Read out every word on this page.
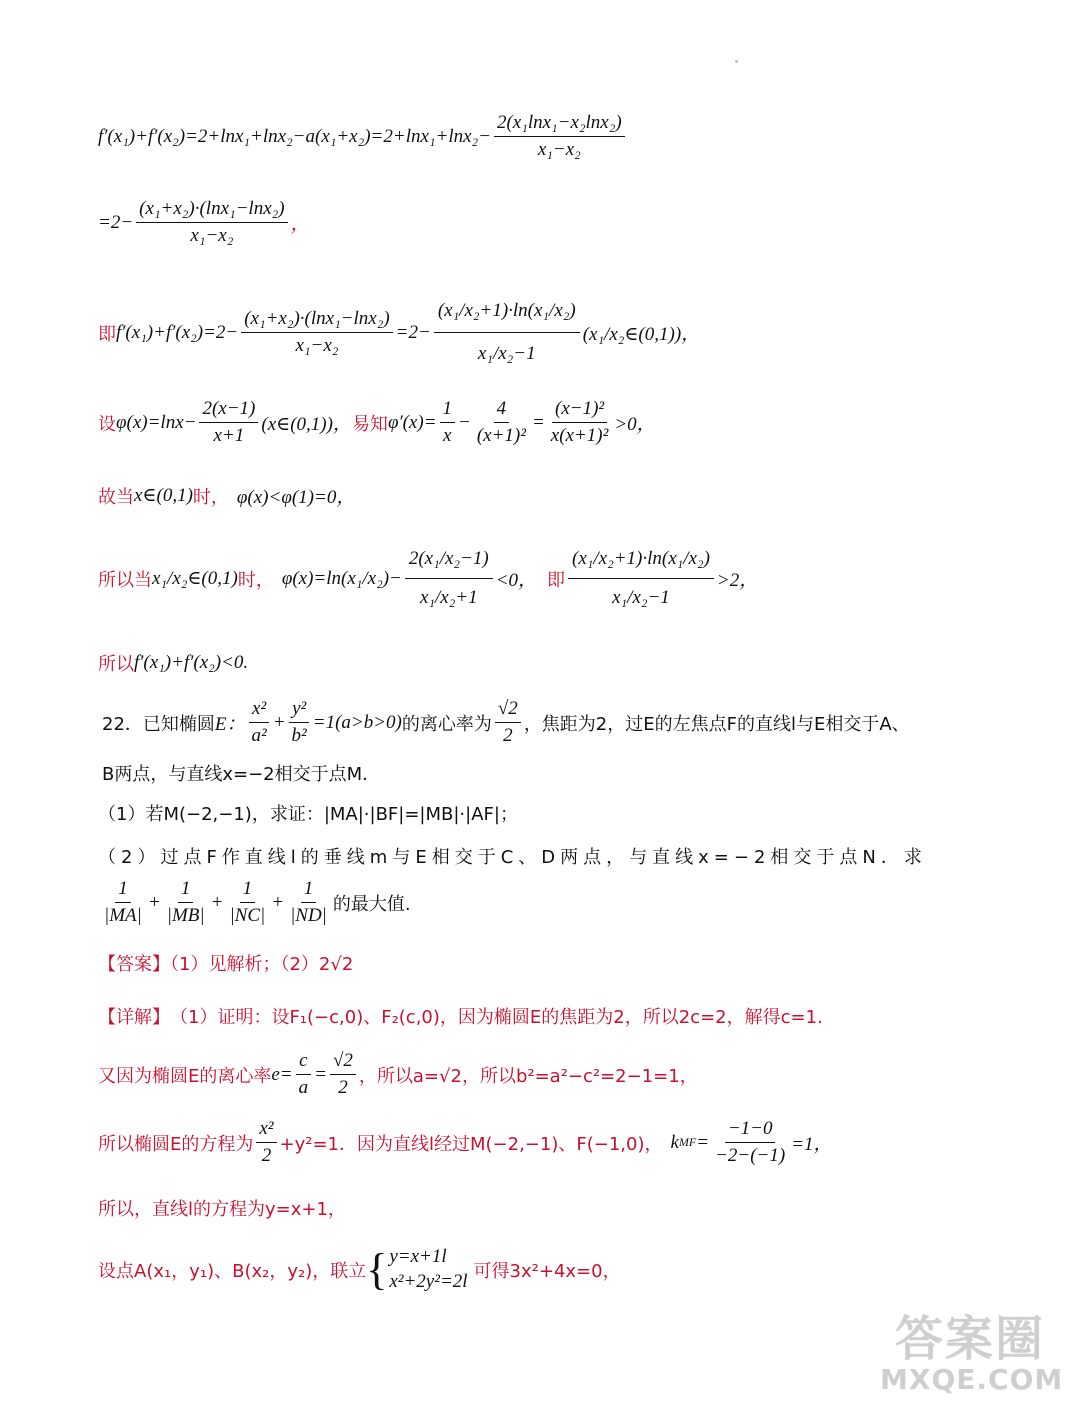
$f'(x_1)+f'(x_2)=2+\ln x_1+\ln x_2-a(x_1+x_2)=2+\ln x_1+\ln x_2- \frac{\text{2(x₁lnx₁−x₂lnx₂)}}{\text{x₁−x₂}}$
$=2- \frac{\text{(x₁+x₂)·(lnx₁−lnx₂)}}{\text{x₁−x₂}}$ ，
即 $f'(x_1)+f'(x_2)=2- \frac{\text{(x₁+x₂)·(lnx₁−lnx₂)}}{\text{x₁−x₂}} =2- \frac{\text{(x₁/x₂+1)·ln(x₁/x₂)}}{\text{x₁/x₂−1}}$ (x₁/x₂∈(0,1))，
设 $\varphi(x)=\ln x- \frac{2(x-1)}{x+1}$ (x∈(0,1))， 易知 $\varphi'(x)= \frac{1}{x} - \frac{4}{\text{(x+1)²}} = \frac{\text{(x−1)²}}{\text{x(x+1)²}} >0$，
故当 x∈(0,1) 时， φ(x)<φ(1)=0，
所以当 x₁/x₂∈(0,1) 时， $\varphi(x)=\ln(x_1/x_2)- \frac{\text{2(x₁/x₂−1)}}{\text{x₁/x₂+1}} <0$， 即 $\frac{\text{(x₁/x₂+1)·ln(x₁/x₂)}}{\text{x₁/x₂−1}} >2$，
所以 f′(x₁)+f′(x₂)<0.
22．已知椭圆 E： $\frac{\text{x²}}{\text{a²}} + \frac{\text{y²}}{\text{b²}} =1(a>b>0)$ 的离心率为 $\frac{√2}{2}$ ，焦距为2，过E的左焦点F的直线l与E相交于A、
B两点，与直线x=−2相交于点M．
（1）若M(−2,−1)，求证：|MA|·|BF|=|MB|·|AF|；
（2）过点F作直线l的垂线m与E相交于C、D两点，与直线x=−2相交于点N．求
$\frac{1}{|MA|} + \frac{1}{|MB|} + \frac{1}{|NC|} + \frac{1}{|ND|}$ 的最大值.
【答案】（1）见解析；（2）2√2
【详解】 （1）证明：设F₁(−c,0)、F₂(c,0)，因为椭圆E的焦距为2，所以2c=2，解得c=1.
又因为椭圆E的离心率 $e= \frac{c}{a} = \frac{√2}{2}$ ，所以a=√2，所以b²=a²−c²=2−1=1，
所以椭圆E的方程为 $\frac{\text{x²}}{2} +y^2=1$．因为直线l经过M(−2,−1)、F(−1,0)， k MF = $\frac{-1-0}{-2-(-1)} =1$，
所以，直线l的方程为y=x+1，
设点A(x₁，y₁)、B(x₂，y₂)，联立 { y=x+1l
x²+2y²=2l 可得3x²+4x=0，
答案圈
MXQE.COM
